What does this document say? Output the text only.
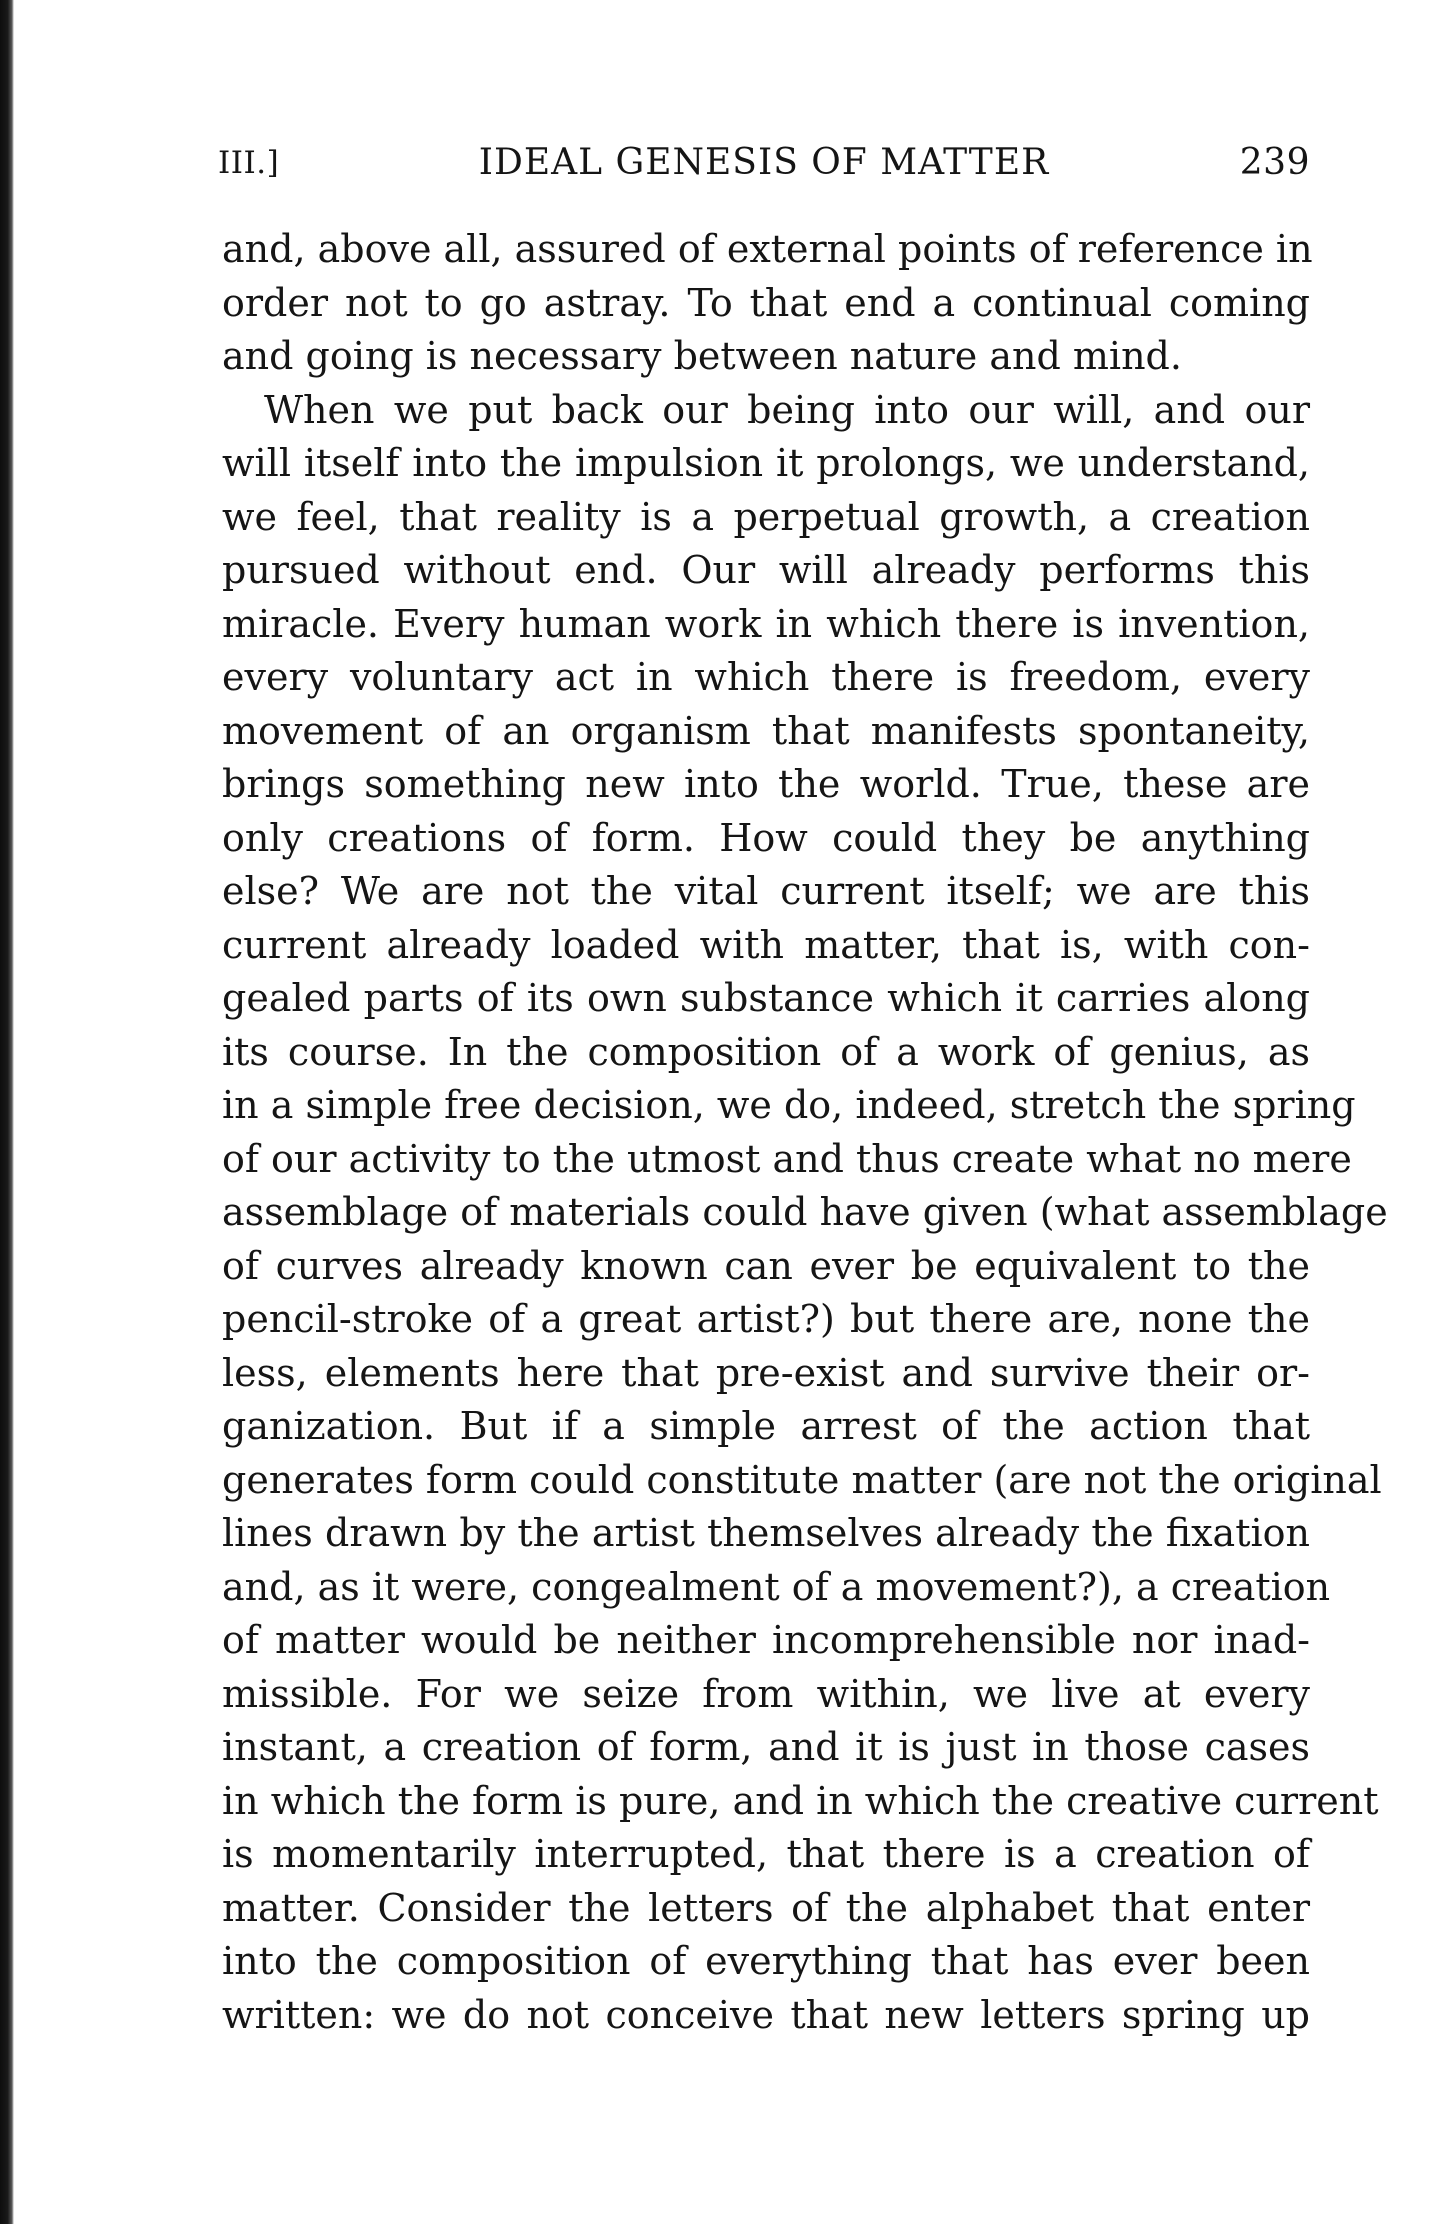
III.]	IDEAL GENESIS OF MATTER	239
and, above all, assured of external points of reference in
order not to go astray. To that end a continual coming
and going is necessary between nature and mind.
When we put back our being into our will, and our
will itself into the impulsion it prolongs, we understand,
we feel, that reality is a perpetual growth, a creation
pursued without end. Our will already performs this
miracle. Every human work in which there is invention,
every voluntary act in which there is freedom, every
movement of an organism that manifests spontaneity,
brings something new into the world. True, these are
only creations of form. How could they be anything
else? We are not the vital current itself; we are this
current already loaded with matter, that is, with con-
gealed parts of its own substance which it carries along
its course. In the composition of a work of genius, as
in a simple free decision, we do, indeed, stretch the spring
of our activity to the utmost and thus create what no mere
assemblage of materials could have given (what assemblage
of curves already known can ever be equivalent to the
pencil-stroke of a great artist?) but there are, none the
less, elements here that pre-exist and survive their or-
ganization. But if a simple arrest of the action that
generates form could constitute matter (are not the original
lines drawn by the artist themselves already the fixation
and, as it were, congealment of a movement?), a creation
of matter would be neither incomprehensible nor inad-
missible. For we seize from within, we live at every
instant, a creation of form, and it is just in those cases
in which the form is pure, and in which the creative current
is momentarily interrupted, that there is a creation of
matter. Consider the letters of the alphabet that enter
into the composition of everything that has ever been
written: we do not conceive that new letters spring up
